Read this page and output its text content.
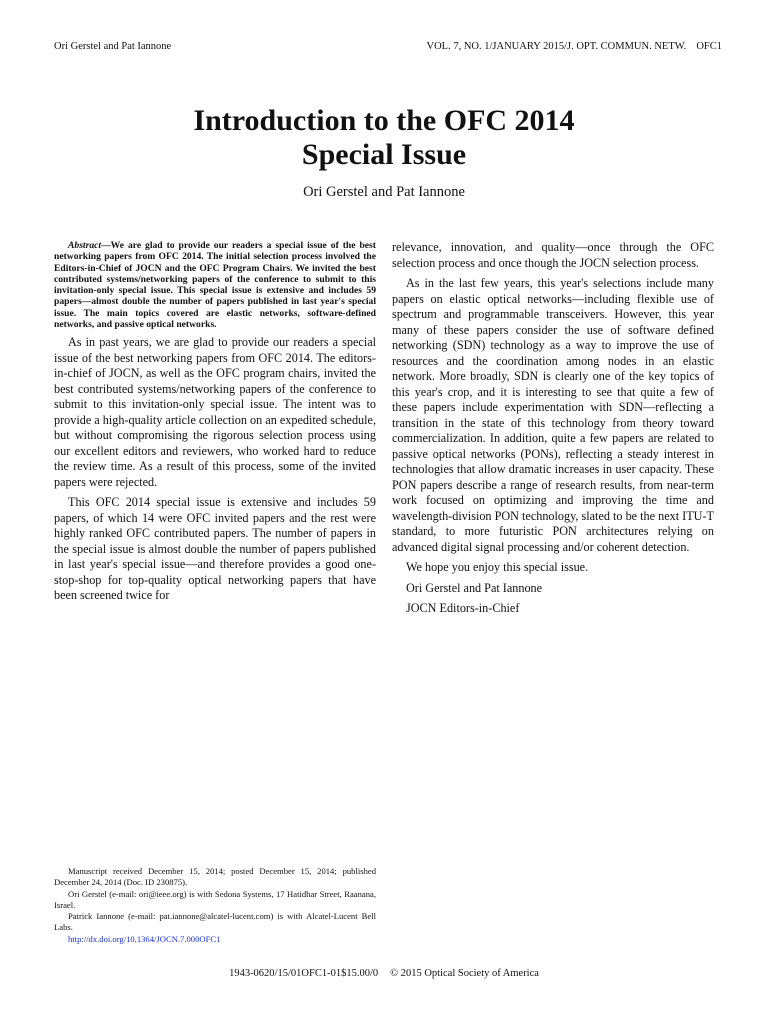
Ori Gerstel and Pat Iannone	VOL. 7, NO. 1/JANUARY 2015/J. OPT. COMMUN. NETW. OFC1
Introduction to the OFC 2014
Special Issue
Ori Gerstel and Pat Iannone

Abstract—We are glad to provide our readers a special issue of the best networking papers from OFC 2014. The initial selection process involved the Editors-in-Chief of JOCN and the OFC Program Chairs. We invited the best contributed systems/networking papers of the conference to submit to this invitation-only special issue. This special issue is extensive and includes 59 papers—almost double the number of papers published in last year's special issue. The main topics covered are elastic networks, software-defined networks, and passive optical networks.

As in past years, we are glad to provide our readers a special issue of the best networking papers from OFC 2014. The editors-in-chief of JOCN, as well as the OFC program chairs, invited the best contributed systems/networking papers of the conference to submit to this invitation-only special issue. The intent was to provide a high-quality article collection on an expedited schedule, but without compromising the rigorous selection process using our excellent editors and reviewers, who worked hard to reduce the review time. As a result of this process, some of the invited papers were rejected.

This OFC 2014 special issue is extensive and includes 59 papers, of which 14 were OFC invited papers and the rest were highly ranked OFC contributed papers. The number of papers in the special issue is almost double the number of papers published in last year's special issue—and therefore provides a good one-stop-shop for top-quality optical networking papers that have been screened twice for

relevance, innovation, and quality—once through the OFC selection process and once though the JOCN selection process.

As in the last few years, this year's selections include many papers on elastic optical networks—including flexible use of spectrum and programmable transceivers. However, this year many of these papers consider the use of software defined networking (SDN) technology as a way to improve the use of resources and the coordination among nodes in an elastic network. More broadly, SDN is clearly one of the key topics of this year's crop, and it is interesting to see that quite a few of these papers include experimentation with SDN—reflecting a transition in the state of this technology from theory toward commercialization. In addition, quite a few papers are related to passive optical networks (PONs), reflecting a steady interest in technologies that allow dramatic increases in user capacity. These PON papers describe a range of research results, from near-term work focused on optimizing and improving the time and wavelength-division PON technology, slated to be the next ITU-T standard, to more futuristic PON architectures relying on advanced digital signal processing and/or coherent detection.

We hope you enjoy this special issue.

Ori Gerstel and Pat Iannone

JOCN Editors-in-Chief

Manuscript received December 15, 2014; posted December 15, 2014; published December 24, 2014 (Doc. ID 230875).

Ori Gerstel (e-mail: ori@ieee.org) is with Sedona Systems, 17 Hatidhar Street, Raanana, Israel.

Patrick Iannone (e-mail: pat.iannone@alcatel-lucent.com) is with Alcatel-Lucent Bell Labs.

http://dx.doi.org/10.1364/JOCN.7.000OFC1

1943-0620/15/01OFC1-01$15.00/0 © 2015 Optical Society of America
